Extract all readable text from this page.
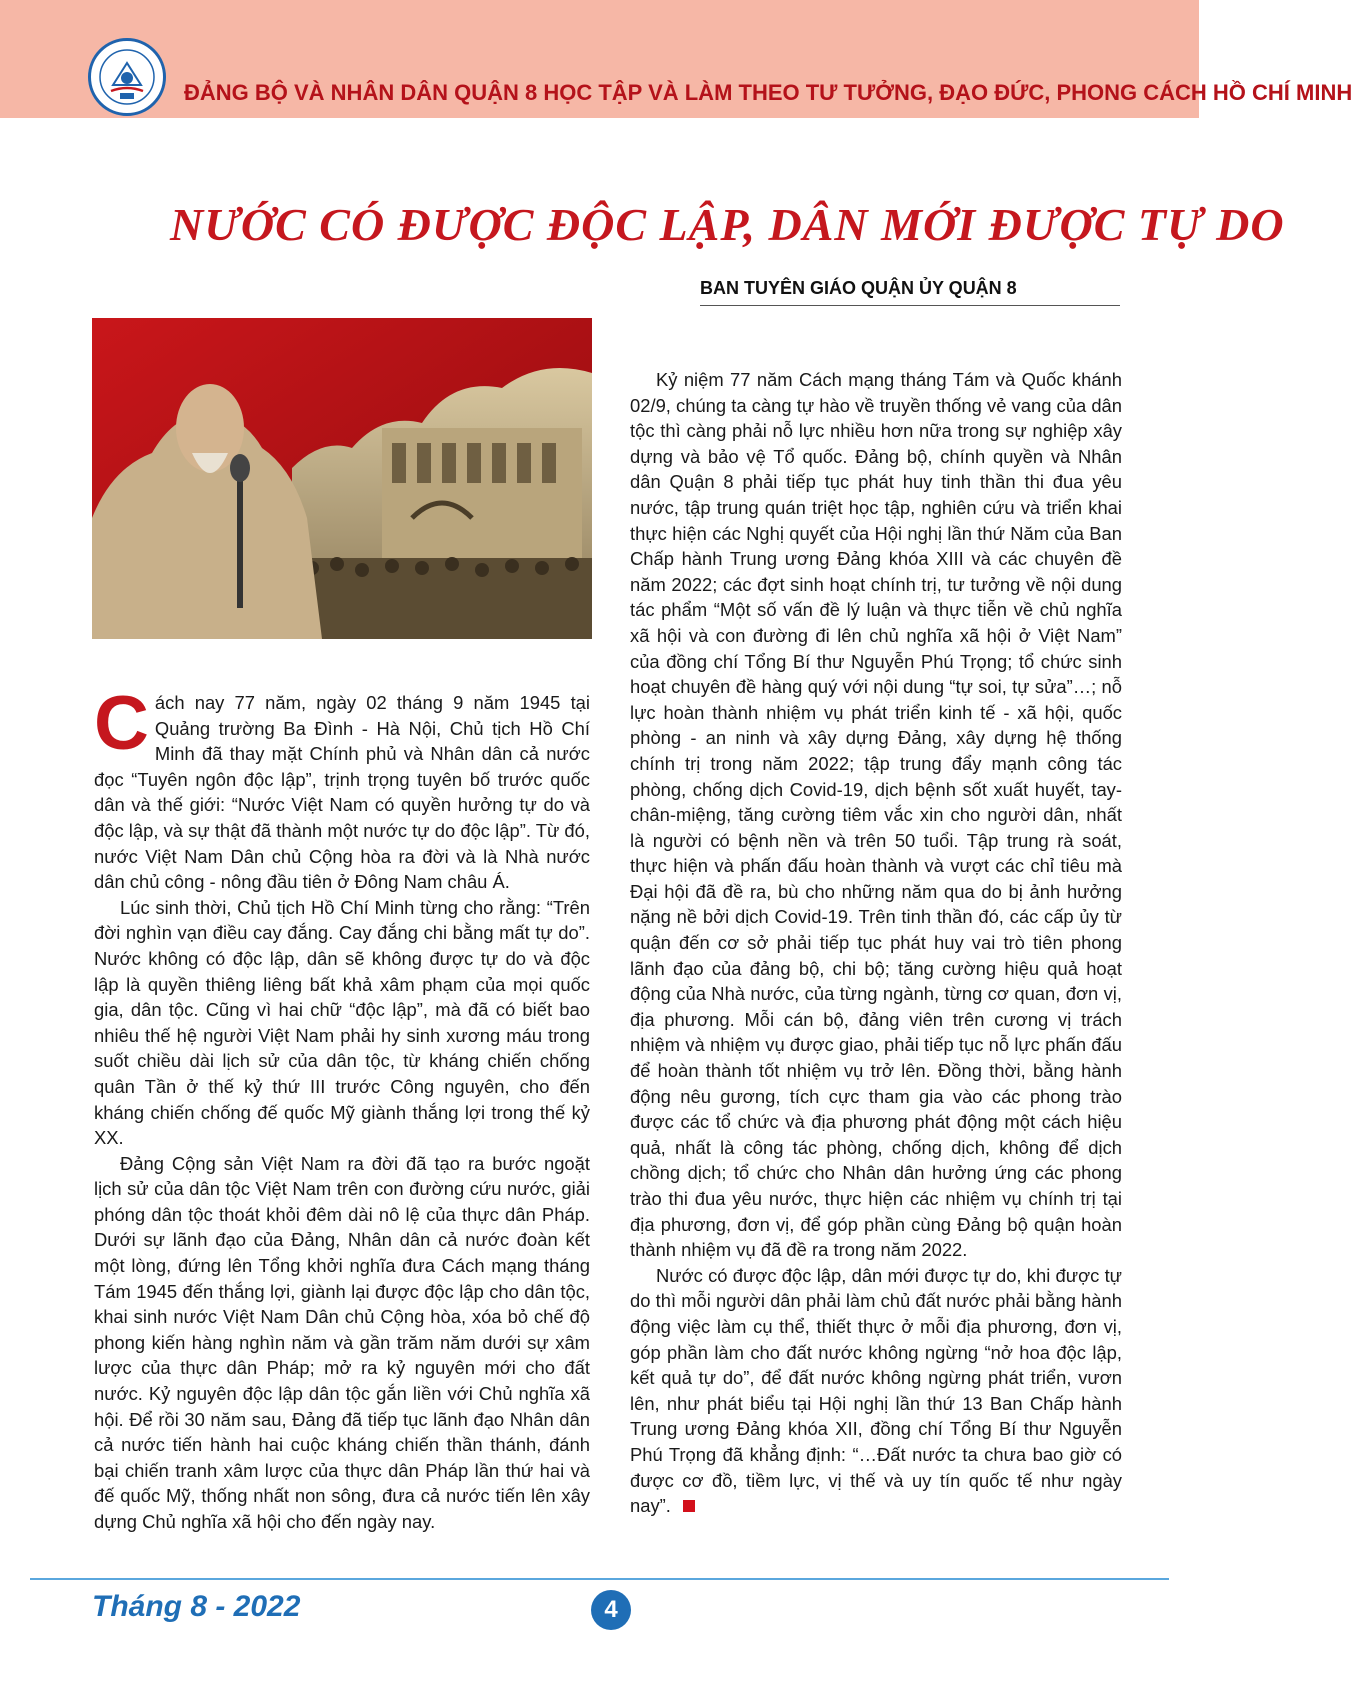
ĐẢNG BỘ VÀ NHÂN DÂN QUẬN 8 HỌC TẬP VÀ LÀM THEO TƯ TƯỞNG, ĐẠO ĐỨC, PHONG CÁCH HỒ CHÍ MINH
NƯỚC CÓ ĐƯỢC ĐỘC LẬP, DÂN MỚI ĐƯỢC TỰ DO
BAN TUYÊN GIÁO QUẬN ỦY QUẬN 8

Cách nay 77 năm, ngày 02 tháng 9 năm 1945 tại Quảng trường Ba Đình - Hà Nội, Chủ tịch Hồ Chí Minh đã thay mặt Chính phủ và Nhân dân cả nước đọc “Tuyên ngôn độc lập”, trịnh trọng tuyên bố trước quốc dân và thế giới: “Nước Việt Nam có quyền hưởng tự do và độc lập, và sự thật đã thành một nước tự do độc lập”. Từ đó, nước Việt Nam Dân chủ Cộng hòa ra đời và là Nhà nước dân chủ công - nông đầu tiên ở Đông Nam châu Á.

Lúc sinh thời, Chủ tịch Hồ Chí Minh từng cho rằng: “Trên đời nghìn vạn điều cay đắng. Cay đắng chi bằng mất tự do”. Nước không có độc lập, dân sẽ không được tự do và độc lập là quyền thiêng liêng bất khả xâm phạm của mọi quốc gia, dân tộc. Cũng vì hai chữ “độc lập”, mà đã có biết bao nhiêu thế hệ người Việt Nam phải hy sinh xương máu trong suốt chiều dài lịch sử của dân tộc, từ kháng chiến chống quân Tần ở thế kỷ thứ III trước Công nguyên, cho đến kháng chiến chống đế quốc Mỹ giành thắng lợi trong thế kỷ XX.

Đảng Cộng sản Việt Nam ra đời đã tạo ra bước ngoặt lịch sử của dân tộc Việt Nam trên con đường cứu nước, giải phóng dân tộc thoát khỏi đêm dài nô lệ của thực dân Pháp. Dưới sự lãnh đạo của Đảng, Nhân dân cả nước đoàn kết một lòng, đứng lên Tổng khởi nghĩa đưa Cách mạng tháng Tám 1945 đến thắng lợi, giành lại được độc lập cho dân tộc, khai sinh nước Việt Nam Dân chủ Cộng hòa, xóa bỏ chế độ phong kiến hàng nghìn năm và gần trăm năm dưới sự xâm lược của thực dân Pháp; mở ra kỷ nguyên mới cho đất nước. Kỷ nguyên độc lập dân tộc gắn liền với Chủ nghĩa xã hội. Để rồi 30 năm sau, Đảng đã tiếp tục lãnh đạo Nhân dân cả nước tiến hành hai cuộc kháng chiến thần thánh, đánh bại chiến tranh xâm lược của thực dân Pháp lần thứ hai và đế quốc Mỹ, thống nhất non sông, đưa cả nước tiến lên xây dựng Chủ nghĩa xã hội cho đến ngày nay.

Kỷ niệm 77 năm Cách mạng tháng Tám và Quốc khánh 02/9, chúng ta càng tự hào về truyền thống vẻ vang của dân tộc thì càng phải nỗ lực nhiều hơn nữa trong sự nghiệp xây dựng và bảo vệ Tổ quốc. Đảng bộ, chính quyền và Nhân dân Quận 8 phải tiếp tục phát huy tinh thần thi đua yêu nước, tập trung quán triệt học tập, nghiên cứu và triển khai thực hiện các Nghị quyết của Hội nghị lần thứ Năm của Ban Chấp hành Trung ương Đảng khóa XIII và các chuyên đề năm 2022; các đợt sinh hoạt chính trị, tư tưởng về nội dung tác phẩm “Một số vấn đề lý luận và thực tiễn về chủ nghĩa xã hội và con đường đi lên chủ nghĩa xã hội ở Việt Nam” của đồng chí Tổng Bí thư Nguyễn Phú Trọng; tổ chức sinh hoạt chuyên đề hàng quý với nội dung “tự soi, tự sửa”…; nỗ lực hoàn thành nhiệm vụ phát triển kinh tế - xã hội, quốc phòng - an ninh và xây dựng Đảng, xây dựng hệ thống chính trị trong năm 2022; tập trung đẩy mạnh công tác phòng, chống dịch Covid-19, dịch bệnh sốt xuất huyết, tay-chân-miệng, tăng cường tiêm vắc xin cho người dân, nhất là người có bệnh nền và trên 50 tuổi. Tập trung rà soát, thực hiện và phấn đấu hoàn thành và vượt các chỉ tiêu mà Đại hội đã đề ra, bù cho những năm qua do bị ảnh hưởng nặng nề bởi dịch Covid-19. Trên tinh thần đó, các cấp ủy từ quận đến cơ sở phải tiếp tục phát huy vai trò tiên phong lãnh đạo của đảng bộ, chi bộ; tăng cường hiệu quả hoạt động của Nhà nước, của từng ngành, từng cơ quan, đơn vị, địa phương. Mỗi cán bộ, đảng viên trên cương vị trách nhiệm và nhiệm vụ được giao, phải tiếp tục nỗ lực phấn đấu để hoàn thành tốt nhiệm vụ trở lên. Đồng thời, bằng hành động nêu gương, tích cực tham gia vào các phong trào được các tổ chức và địa phương phát động một cách hiệu quả, nhất là công tác phòng, chống dịch, không để dịch chồng dịch; tổ chức cho Nhân dân hưởng ứng các phong trào thi đua yêu nước, thực hiện các nhiệm vụ chính trị tại địa phương, đơn vị, để góp phần cùng Đảng bộ quận hoàn thành nhiệm vụ đã đề ra trong năm 2022.

Nước có được độc lập, dân mới được tự do, khi được tự do thì mỗi người dân phải làm chủ đất nước phải bằng hành động việc làm cụ thể, thiết thực ở mỗi địa phương, đơn vị, góp phần làm cho đất nước không ngừng “nở hoa độc lập, kết quả tự do”, để đất nước không ngừng phát triển, vươn lên, như phát biểu tại Hội nghị lần thứ 13 Ban Chấp hành Trung ương Đảng khóa XII, đồng chí Tổng Bí thư Nguyễn Phú Trọng đã khẳng định: “…Đất nước ta chưa bao giờ có được cơ đồ, tiềm lực, vị thế và uy tín quốc tế như ngày nay”.

Tháng 8 - 2022	4
